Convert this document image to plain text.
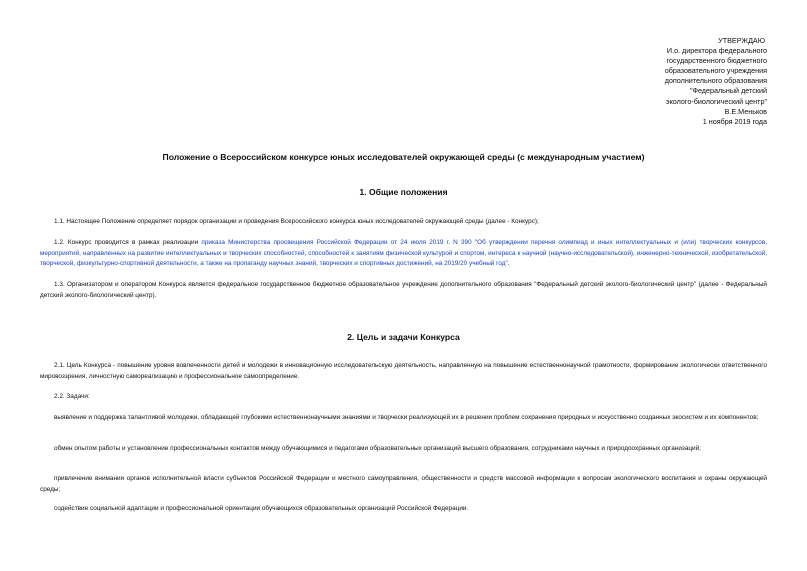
УТВЕРЖДАЮ
И.о. директора федерального
государственного бюджетного
образовательного учреждения
дополнительного образования
"Федеральный детский
эколого-биологический центр"
В.Е.Меньков
1 ноября 2019 года
Положение о Всероссийском конкурсе юных исследователей окружающей среды (с международным участием)
1. Общие положения
1.1. Настоящее Положение определяет порядок организации и проведения Всероссийского конкурса юных исследователей окружающей среды (далее - Конкурс);
1.2. Конкурс проводится в рамках реализации приказа Министерства просвещения Российской Федерации от 24 июля 2019 г. N 390 "Об утверждении перечня олимпиад и иных интеллектуальных и (или) творческих конкурсов, мероприятий, направленных на развитие интеллектуальных и творческих способностей, способностей к занятиям физической культурой и спортом, интереса к научной (научно-исследовательской), инженерно-технической, изобретательской, творческой, физкультурно-спортивной деятельности, а также на пропаганду научных знаний, творческих и спортивных достижений, на 2019/20 учебный год".
1.3. Организатором и оператором Конкурса является федеральное государственное бюджетное образовательное учреждение дополнительного образования "Федеральный детский эколого-биологический центр" (далее - Федеральный детский эколого-биологический центр).
2. Цель и задачи Конкурса
2.1. Цель Конкурса - повышение уровня вовлеченности детей и молодежи в инновационную исследовательскую деятельность, направленную на повышение естественнонаучной грамотности, формирование экологически ответственного мировоззрения, личностную самореализацию и профессиональное самоопределение.
2.2. Задачи:
выявление и поддержка талантливой молодежи, обладающей глубокими естественнонаучными знаниями и творчески реализующей их в решении проблем сохранения природных и искусственно созданных экосистем и их компонентов;
обмен опытом работы и установление профессиональных контактов между обучающимися и педагогами образовательных организаций высшего образования, сотрудниками научных и природоохранных организаций;
привлечение внимания органов исполнительной власти субъектов Российской Федерации и местного самоуправления, общественности и средств массовой информации к вопросам экологического воспитания и охраны окружающей среды;
содействие социальной адаптации и профессиональной ориентации обучающихся образовательных организаций Российской Федерации.
